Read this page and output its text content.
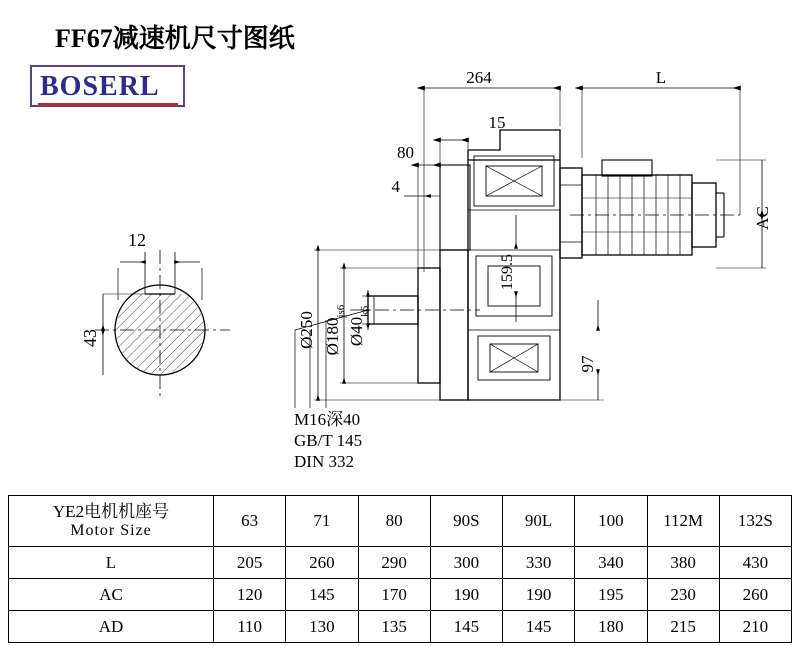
FF67减速机尺寸图纸
BOSERL	264	L
15
80
4
97
12
43
AC
159.5
Ø250 $Ø180_{js6}$
$Ø40_{k6}$
M16深40
GB/T 145
DIN 332
YE2电机机座号
Motor Size	63	71	80	90S	90L	100	112M	132S
L	205	260	290	300	330	340	380	430
AC	120	145	170	190	190	195	230	260
AD	110	130	135	145	145	180	215	210
